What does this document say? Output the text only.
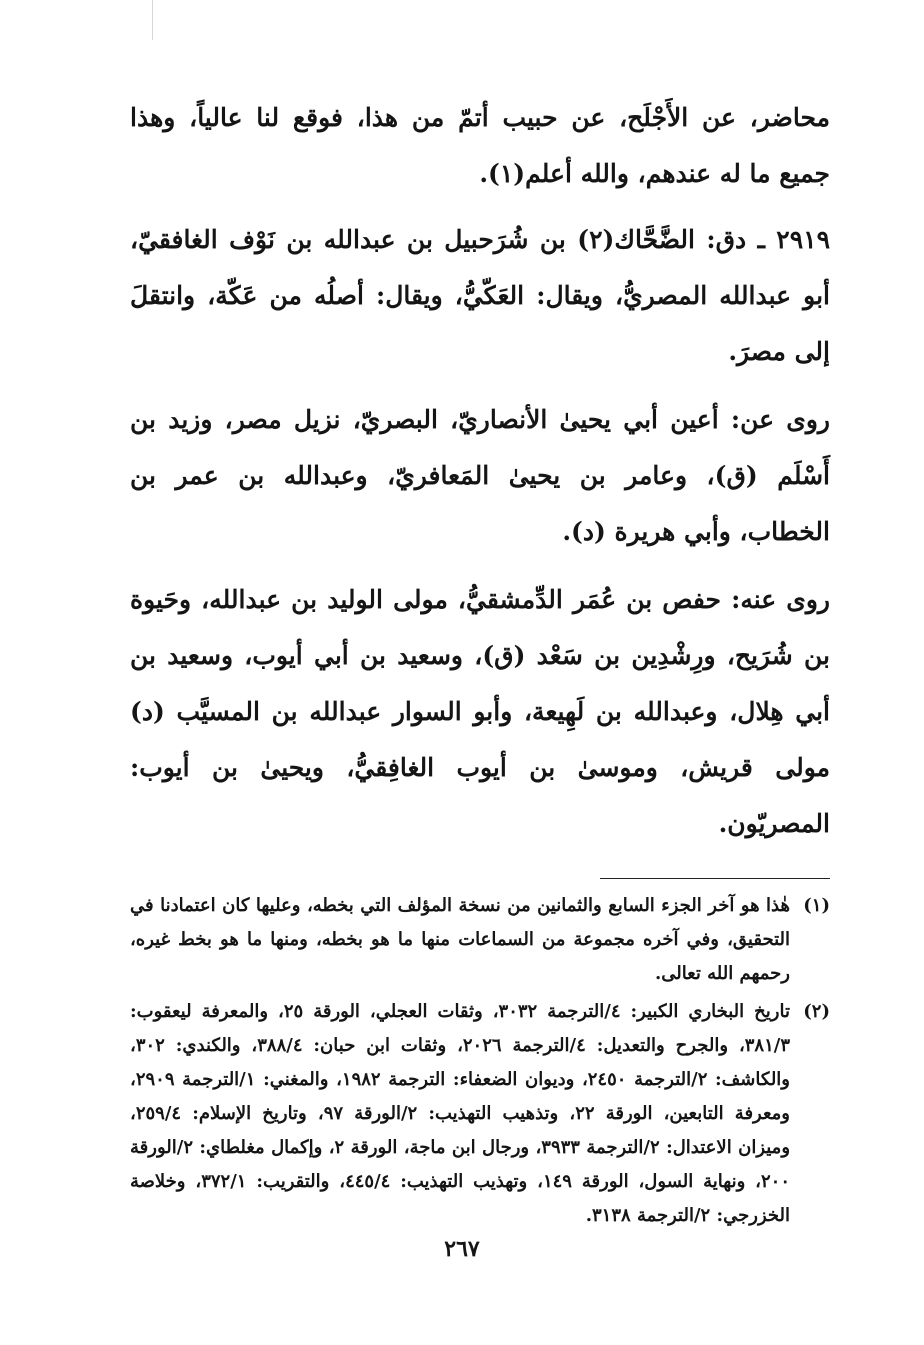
محاضر، عن الأَجْلَح، عن حبيب أتمّ من هذا، فوقع لنا عالياً، وهذا جميع ما له عندهم، والله أعلم(١).

٢٩١٩ ـ دق: الضَّحَّاك(٢) بن شُرَحبيل بن عبدالله بن نَوْف الغافقيّ، أبو عبدالله المصريُّ، ويقال: العَكّيُّ، ويقال: أصلُه من عَكّة، وانتقلَ إلى مصرَ.

روى عن: أعين أبي يحيىٰ الأنصاريّ، البصريّ، نزيل مصر، وزيد بن أَسْلَم (ق)، وعامر بن يحيىٰ المَعافريّ، وعبدالله بن عمر بن الخطاب، وأبي هريرة (د).

روى عنه: حفص بن عُمَر الدِّمشقيُّ، مولى الوليد بن عبدالله، وحَيوة بن شُرَيح، ورِشْدِين بن سَعْد (ق)، وسعيد بن أبي أيوب، وسعيد بن أبي هِلال، وعبدالله بن لَهِيعة، وأبو السوار عبدالله بن المسيَّب (د) مولى قريش، وموسىٰ بن أيوب الغافِقيُّ، ويحيىٰ بن أيوب: المصريّون.

(١)
هٰذا هو آخر الجزء السابع والثمانين من نسخة المؤلف التي بخطه، وعليها كان اعتمادنا في التحقيق، وفي آخره مجموعة من السماعات منها ما هو بخطه، ومنها ما هو بخط غيره، رحمهم الله تعالى.
(٢)
تاريخ البخاري الكبير: ٤/الترجمة ٣٠٣٢، وثقات العجلي، الورقة ٢٥، والمعرفة ليعقوب: ٣٨١/٣، والجرح والتعديل: ٤/الترجمة ٢٠٢٦، وثقات ابن حبان: ٣٨٨/٤، والكندي: ٣٠٢، والكاشف: ٢/الترجمة ٢٤٥٠، وديوان الضعفاء: الترجمة ١٩٨٢، والمغني: ١/الترجمة ٢٩٠٩، ومعرفة التابعين، الورقة ٢٢، وتذهيب التهذيب: ٢/الورقة ٩٧، وتاريخ الإسلام: ٢٥٩/٤، وميزان الاعتدال: ٢/الترجمة ٣٩٣٣، ورجال ابن ماجة، الورقة ٢، وإكمال مغلطاي: ٢/الورقة ٢٠٠، ونهاية السول، الورقة ١٤٩، وتهذيب التهذيب: ٤٤٥/٤، والتقريب: ٣٧٢/١، وخلاصة الخزرجي: ٢/الترجمة ٣١٣٨.
٢٦٧
